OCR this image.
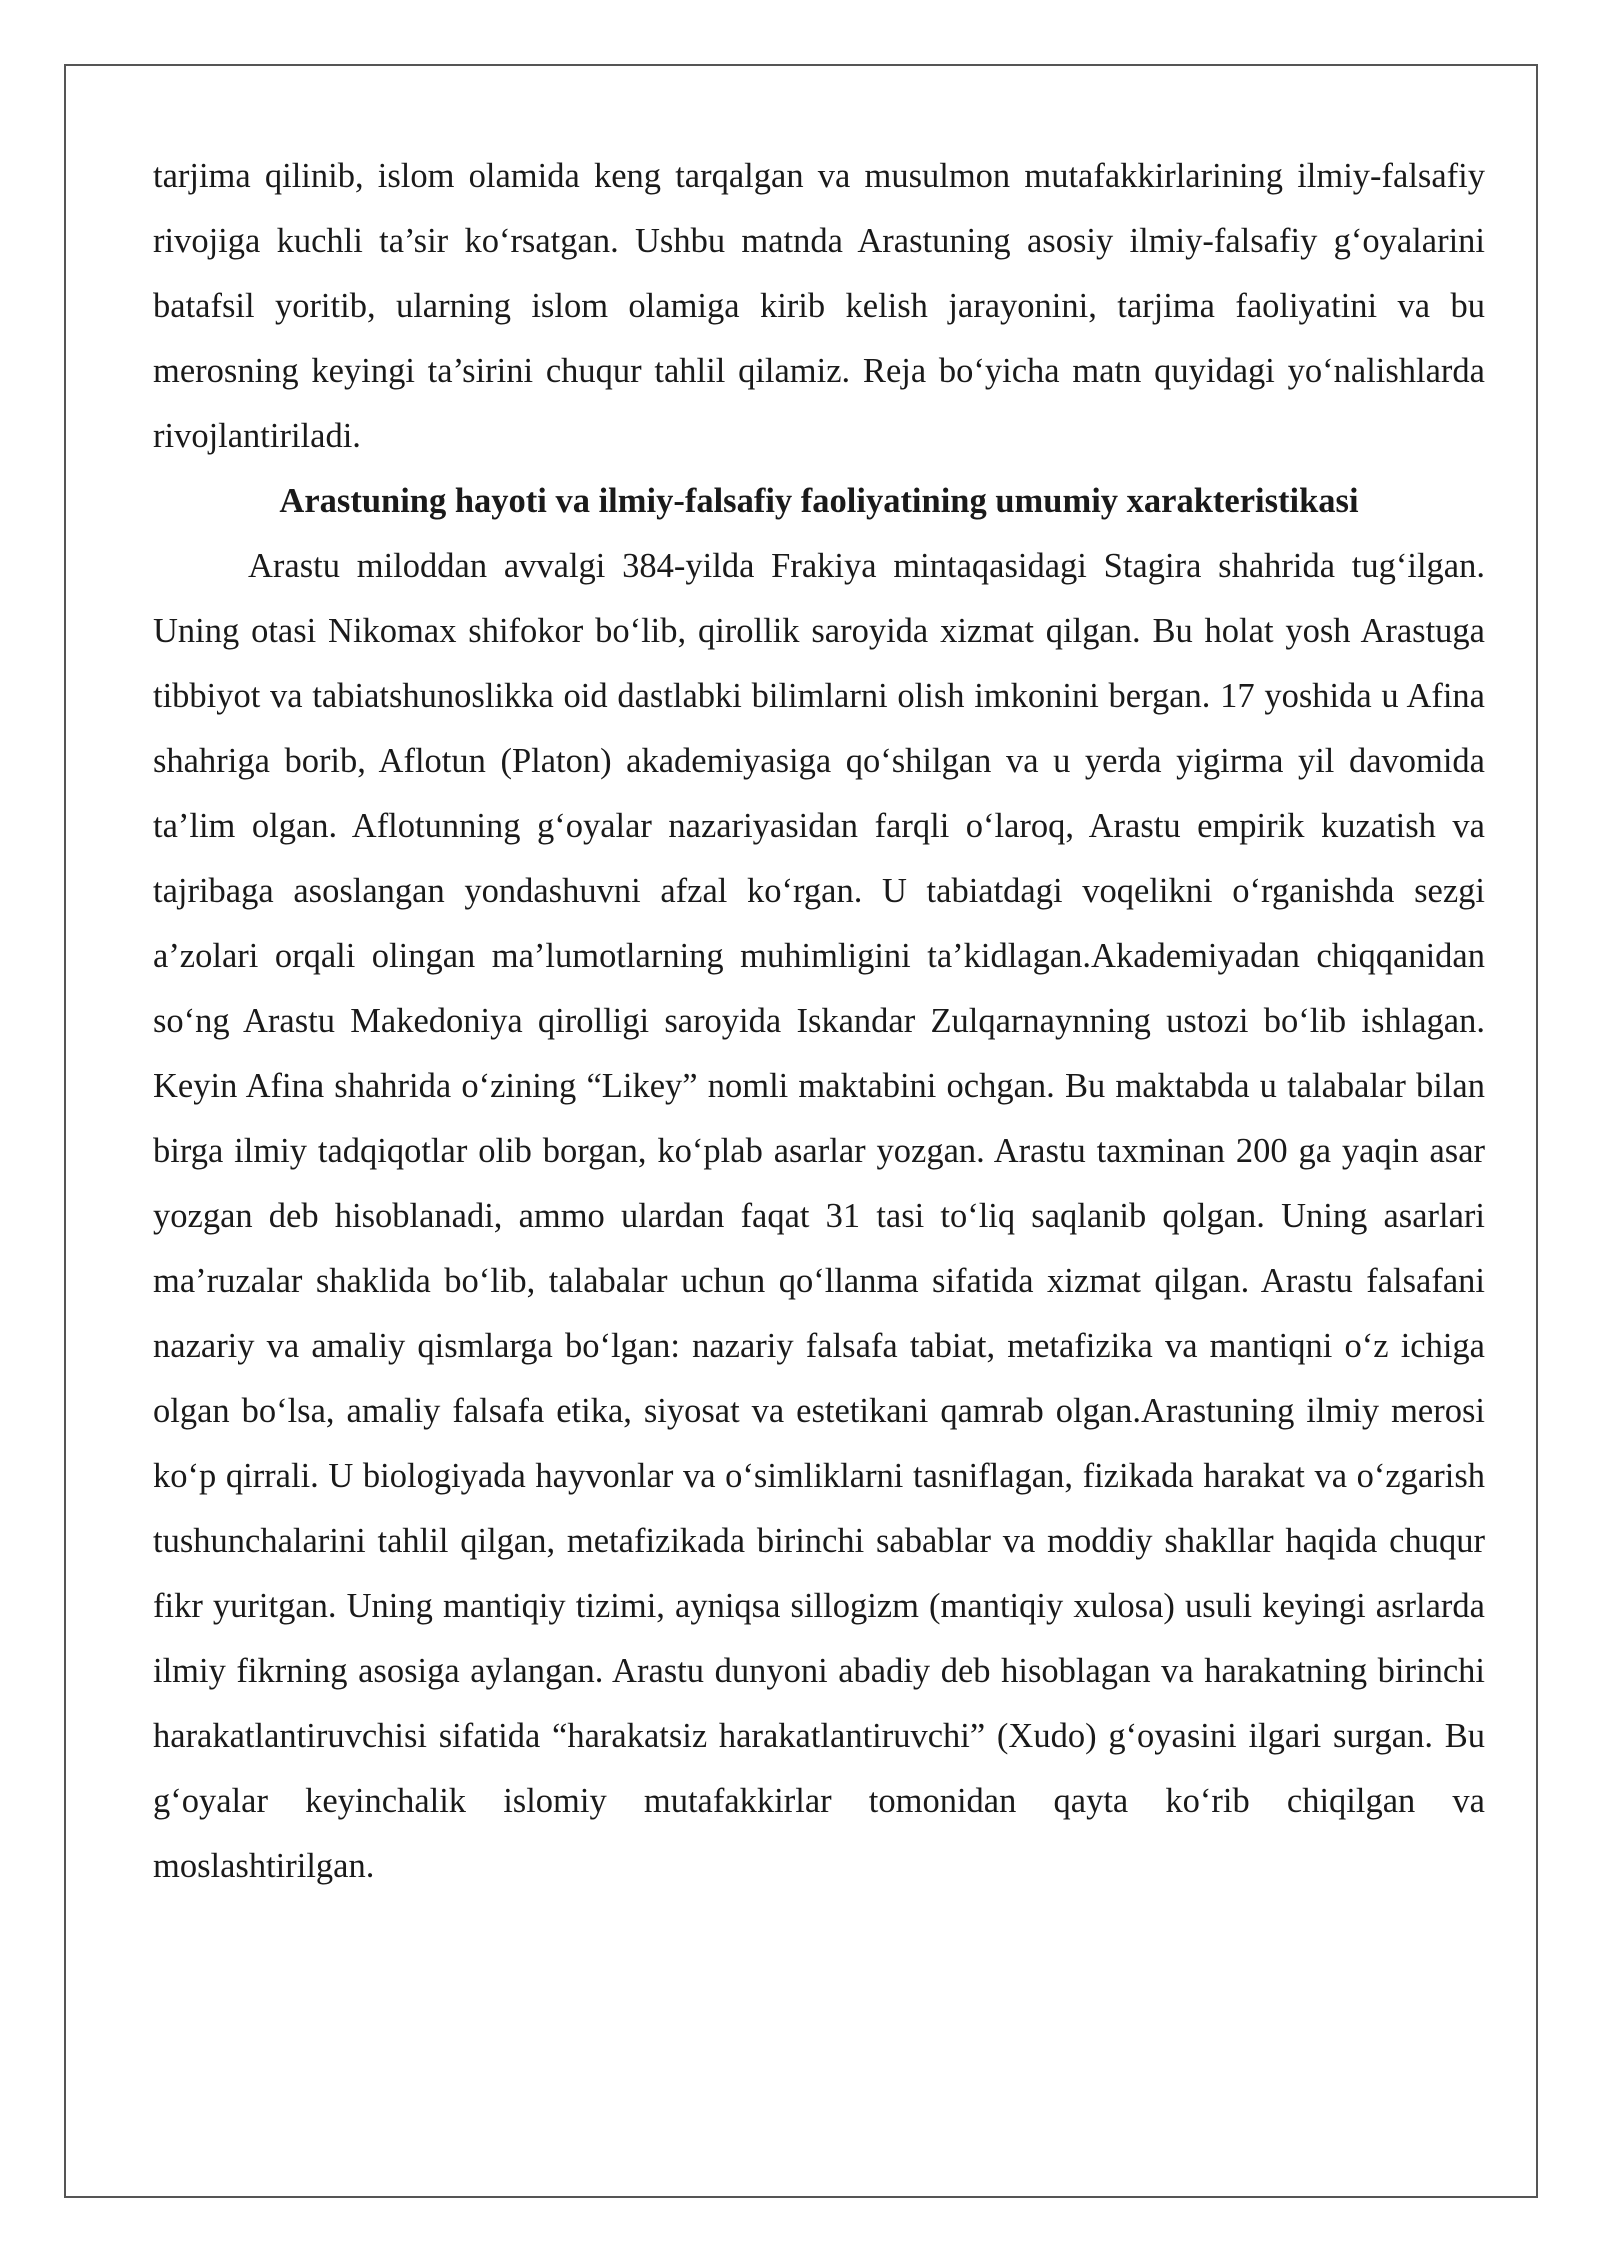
tarjima qilinib, islom olamida keng tarqalgan va musulmon mutafakkirlarining ilmiy-falsafiy rivojiga kuchli ta’sir ko‘rsatgan. Ushbu matnda Arastuning asosiy ilmiy-falsafiy g‘oyalarini batafsil yoritib, ularning islom olamiga kirib kelish jarayonini, tarjima faoliyatini va bu merosning keyingi ta’sirini chuqur tahlil qilamiz. Reja bo‘yicha matn quyidagi yo‘nalishlarda rivojlantiriladi.

Arastuning hayoti va ilmiy-falsafiy faoliyatining umumiy xarakteristikasi

Arastu miloddan avvalgi 384-yilda Frakiya mintaqasidagi Stagira shahrida tug‘ilgan. Uning otasi Nikomax shifokor bo‘lib, qirollik saroyida xizmat qilgan. Bu holat yosh Arastuga tibbiyot va tabiatshunoslikka oid dastlabki bilimlarni olish imkonini bergan. 17 yoshida u Afina shahriga borib, Aflotun (Platon) akademiyasiga qo‘shilgan va u yerda yigirma yil davomida ta’lim olgan. Aflotunning g‘oyalar nazariyasidan farqli o‘laroq, Arastu empirik kuzatish va tajribaga asoslangan yondashuvni afzal ko‘rgan. U tabiatdagi voqelikni o‘rganishda sezgi a’zolari orqali olingan ma’lumotlarning muhimligini ta’kidlagan.Akademiyadan chiqqanidan so‘ng Arastu Makedoniya qirolligi saroyida Iskandar Zulqarnaynning ustozi bo‘lib ishlagan. Keyin Afina shahrida o‘zining “Likey” nomli maktabini ochgan. Bu maktabda u talabalar bilan birga ilmiy tadqiqotlar olib borgan, ko‘plab asarlar yozgan. Arastu taxminan 200 ga yaqin asar yozgan deb hisoblanadi, ammo ulardan faqat 31 tasi to‘liq saqlanib qolgan. Uning asarlari ma’ruzalar shaklida bo‘lib, talabalar uchun qo‘llanma sifatida xizmat qilgan. Arastu falsafani nazariy va amaliy qismlarga bo‘lgan: nazariy falsafa tabiat, metafizika va mantiqni o‘z ichiga olgan bo‘lsa, amaliy falsafa etika, siyosat va estetikani qamrab olgan.Arastuning ilmiy merosi ko‘p qirrali. U biologiyada hayvonlar va o‘simliklarni tasniflagan, fizikada harakat va o‘zgarish tushunchalarini tahlil qilgan, metafizikada birinchi sabablar va moddiy shakllar haqida chuqur fikr yuritgan. Uning mantiqiy tizimi, ayniqsa sillogizm (mantiqiy xulosa) usuli keyingi asrlarda ilmiy fikrning asosiga aylangan. Arastu dunyoni abadiy deb hisoblagan va harakatning birinchi harakatlantiruvchisi sifatida “harakatsiz harakatlantiruvchi” (Xudo) g‘oyasini ilgari surgan. Bu g‘oyalar keyinchalik islomiy mutafakkirlar tomonidan qayta ko‘rib chiqilgan va moslashtirilgan.
